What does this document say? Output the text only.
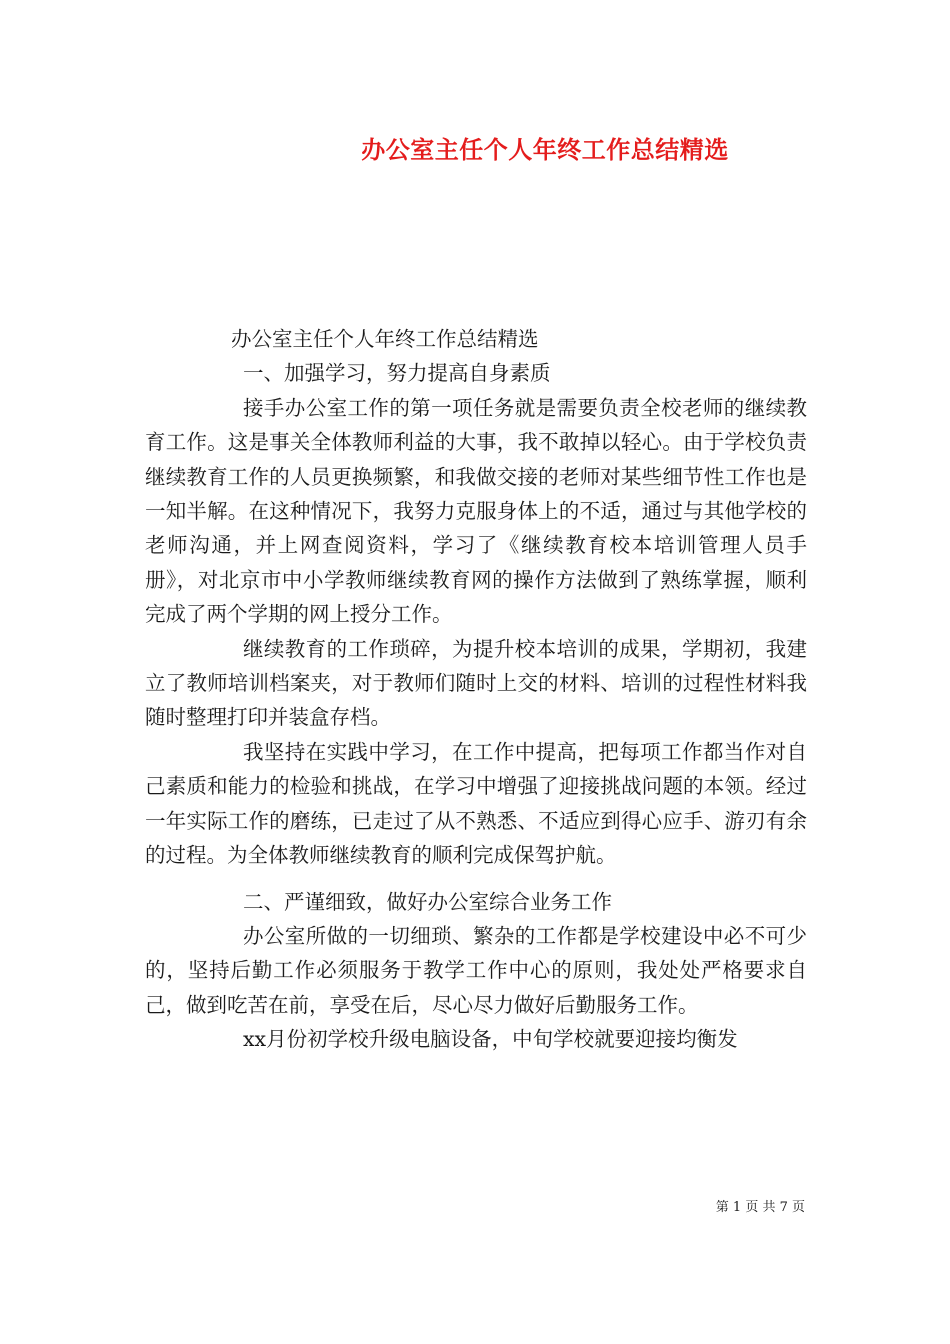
办公室主任个人年终工作总结精选

办公室主任个人年终工作总结精选

一、加强学习，努力提高自身素质

接手办公室工作的第一项任务就是需要负责全校老师的继续教育工作。这是事关全体教师利益的大事，我不敢掉以轻心。由于学校负责继续教育工作的人员更换频繁，和我做交接的老师对某些细节性工作也是一知半解。在这种情况下，我努力克服身体上的不适，通过与其他学校的老师沟通，并上网查阅资料，学习了《继续教育校本培训管理人员手册》，对北京市中小学教师继续教育网的操作方法做到了熟练掌握，顺利完成了两个学期的网上授分工作。

继续教育的工作琐碎，为提升校本培训的成果，学期初，我建立了教师培训档案夹，对于教师们随时上交的材料、培训的过程性材料我随时整理打印并装盒存档。

我坚持在实践中学习，在工作中提高，把每项工作都当作对自己素质和能力的检验和挑战，在学习中增强了迎接挑战问题的本领。经过一年实际工作的磨练，已走过了从不熟悉、不适应到得心应手、游刃有余的过程。为全体教师继续教育的顺利完成保驾护航。

二、严谨细致，做好办公室综合业务工作

办公室所做的一切细琐、繁杂的工作都是学校建设中必不可少的，坚持后勤工作必须服务于教学工作中心的原则，我处处严格要求自己，做到吃苦在前，享受在后，尽心尽力做好后勤服务工作。

xx月份初学校升级电脑设备，中旬学校就要迎接均衡发

第 1 页 共 7 页
